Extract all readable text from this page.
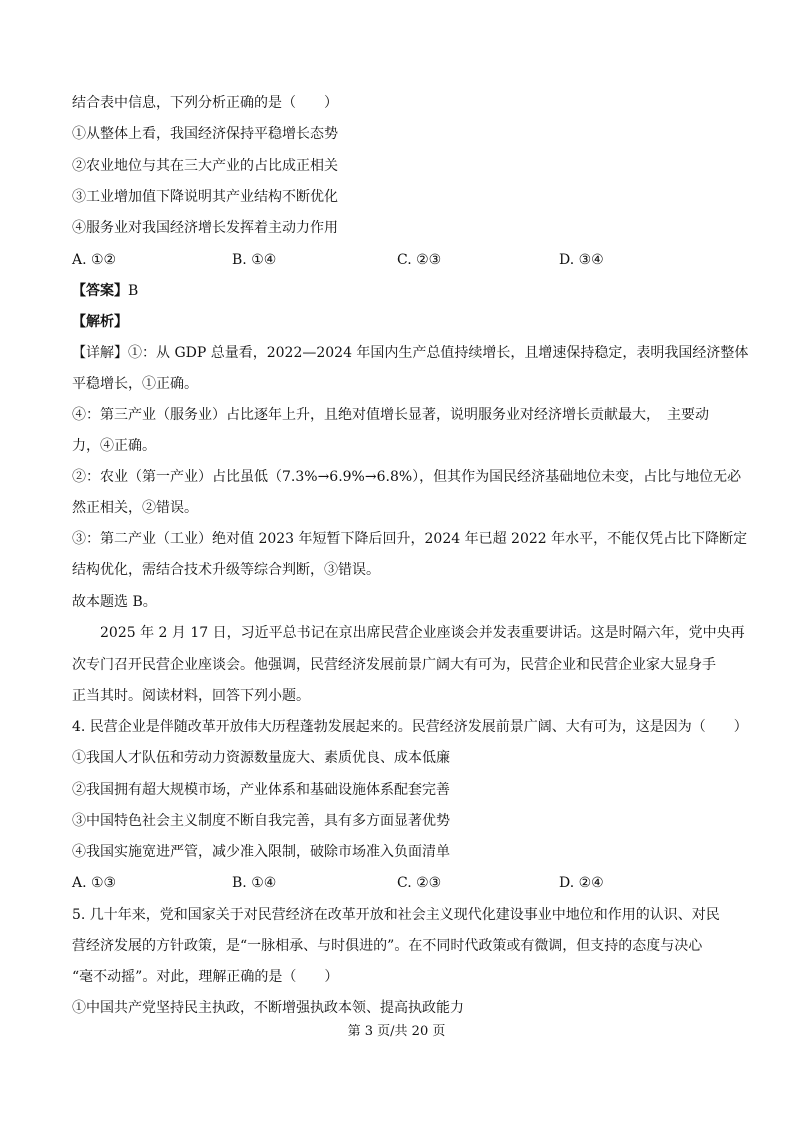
结合表中信息，下列分析正确的是（　　）
①从整体上看，我国经济保持平稳增长态势
②农业地位与其在三大产业的占比成正相关
③工业增加值下降说明其产业结构不断优化
④服务业对我国经济增长发挥着主动力作用
A. ①②	B. ①④	C. ②③	D. ③④
【答案】B
【解析】
【详解】①：从 GDP 总量看，2022—2024 年国内生产总值持续增长，且增速保持稳定，表明我国经济整体
平稳增长，①正确。
④：第三产业（服务业）占比逐年上升，且绝对值增长显著，说明服务业对经济增长贡献最大，　主要动
力，④正确。
②：农业（第一产业）占比虽低（7.3%→6.9%→6.8%），但其作为国民经济基础地位未变，占比与地位无必
然正相关，②错误。
③：第二产业（工业）绝对值 2023 年短暂下降后回升，2024 年已超 2022 年水平，不能仅凭占比下降断定
结构优化，需结合技术升级等综合判断，③错误。
故本题选 B。
2025 年 2 月 17 日，习近平总书记在京出席民营企业座谈会并发表重要讲话。这是时隔六年，党中央再
次专门召开民营企业座谈会。他强调，民营经济发展前景广阔大有可为，民营企业和民营企业家大显身手
正当其时。阅读材料，回答下列小题。
4. 民营企业是伴随改革开放伟大历程蓬勃发展起来的。民营经济发展前景广阔、大有可为，这是因为（　　）
①我国人才队伍和劳动力资源数量庞大、素质优良、成本低廉
②我国拥有超大规模市场，产业体系和基础设施体系配套完善
③中国特色社会主义制度不断自我完善，具有多方面显著优势
④我国实施宽进严管，减少准入限制，破除市场准入负面清单
A. ①③	B. ①④	C. ②③	D. ②④
5. 几十年来，党和国家关于对民营经济在改革开放和社会主义现代化建设事业中地位和作用的认识、对民
营经济发展的方针政策，是“一脉相承、与时俱进的”。在不同时代政策或有微调，但支持的态度与决心
“毫不动摇”。对此，理解正确的是（　　）
①中国共产党坚持民主执政，不断增强执政本领、提高执政能力
第 3 页/共 20 页
